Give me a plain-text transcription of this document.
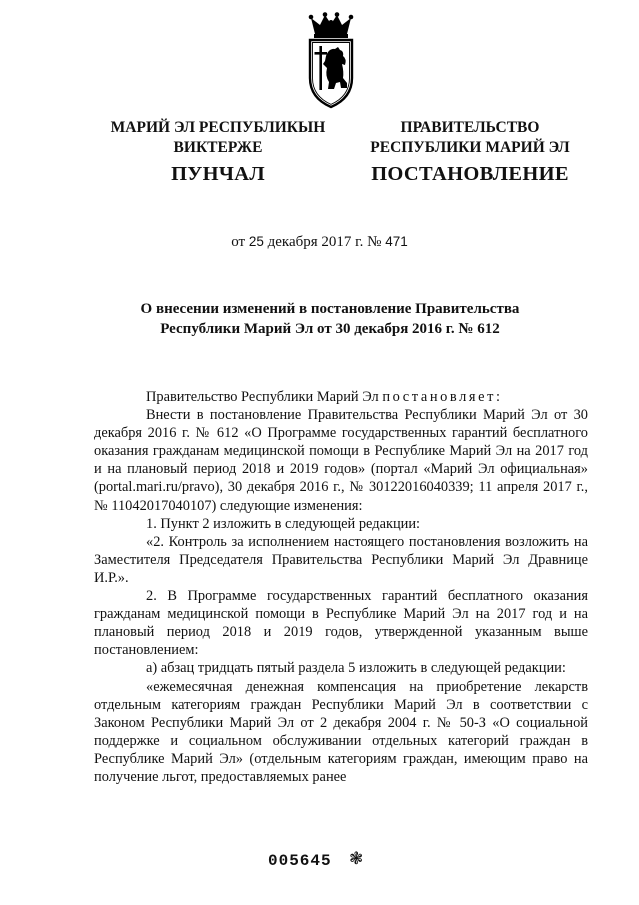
МАРИЙ ЭЛ РЕСПУБЛИКЫН
ВИКТЕРЖЕ
ПУНЧАЛ
ПРАВИТЕЛЬСТВО
РЕСПУБЛИКИ МАРИЙ ЭЛ
ПОСТАНОВЛЕНИЕ
от 25 декабря 2017 г. № 471
О внесении изменений в постановление Правительства
Республики Марий Эл от 30 декабря 2016 г. № 612

Правительство Республики Марий Эл постановляет:

Внести в постановление Правительства Республики Марий Эл от 30 декабря 2016 г. № 612 «О Программе государственных гарантий бесплатного оказания гражданам медицинской помощи в Республике Марий Эл на 2017 год и на плановый период 2018 и 2019 годов» (портал «Марий Эл официальная» (portal.mari.ru/pravo), 30 декабря 2016 г., № 30122016040339; 11 апреля 2017 г., № 11042017040107) следующие изменения:

1. Пункт 2 изложить в следующей редакции:

«2. Контроль за исполнением настоящего постановления возложить на Заместителя Председателя Правительства Республики Марий Эл Дравнице И.Р.».

2. В Программе государственных гарантий бесплатного оказания гражданам медицинской помощи в Республике Марий Эл на 2017 год и на плановый период 2018 и 2019 годов, утвержденной указанным выше постановлением:

а) абзац тридцать пятый раздела 5 изложить в следующей редакции:

«ежемесячная денежная компенсация на приобретение лекарств отдельным категориям граждан Республики Марий Эл в соответствии с Законом Республики Марий Эл от 2 декабря 2004 г. № 50-З «О социальной поддержке и социальном обслуживании отдельных категорий граждан в Республике Марий Эл» (отдельным категориям граждан, имеющим право на получение льгот, предоставляемых ранее

005645 ❃
